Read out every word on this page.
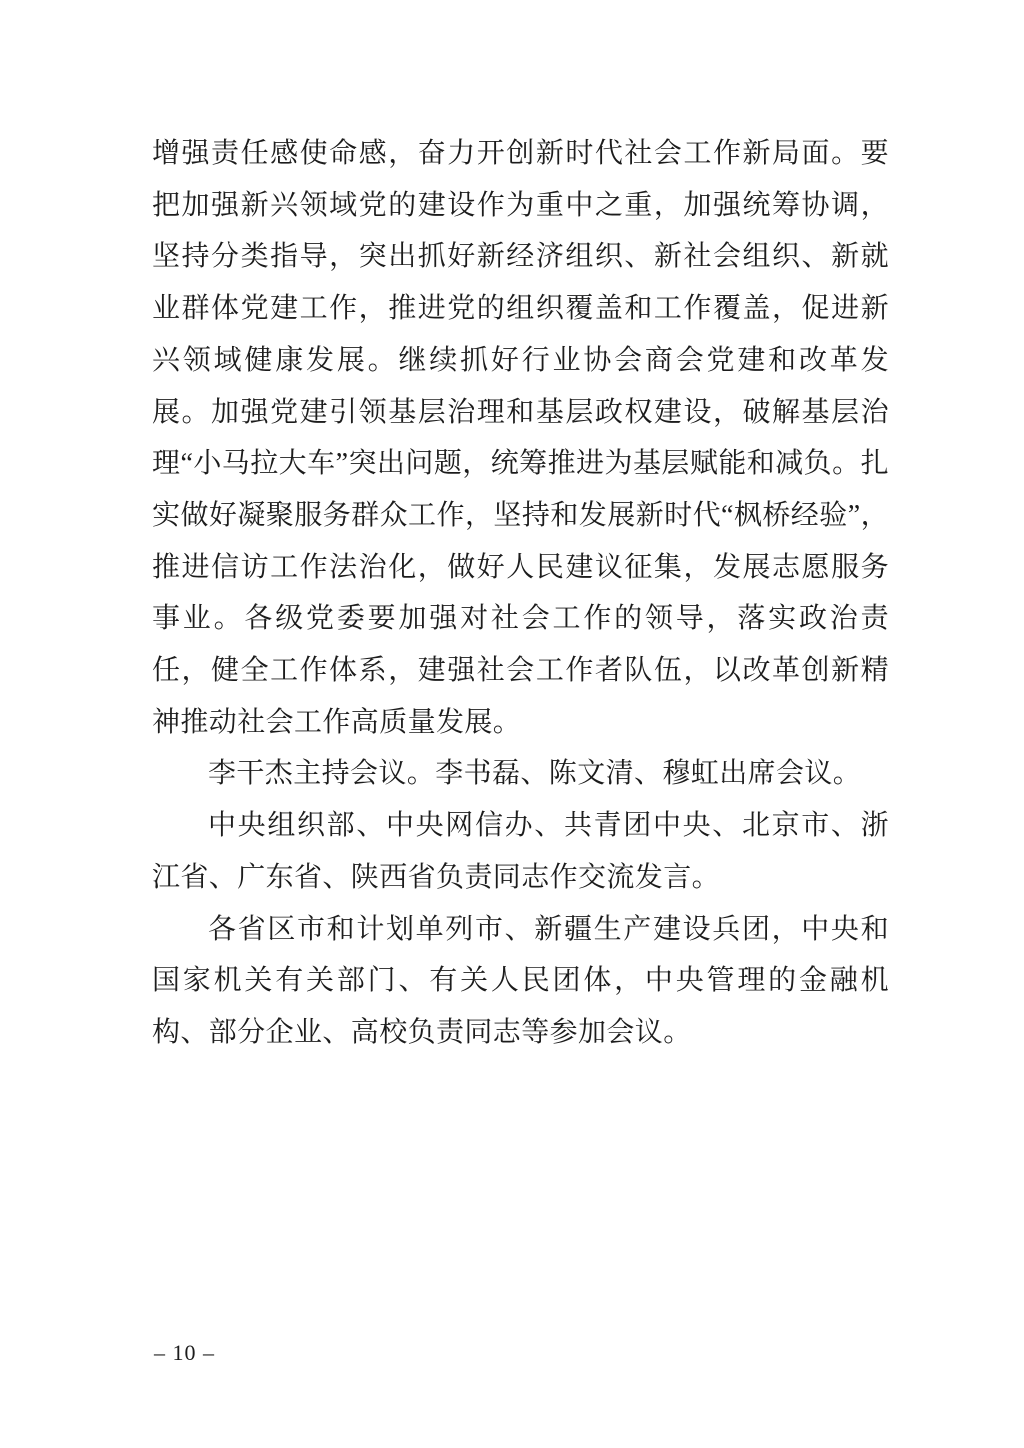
增强责任感使命感，奋力开创新时代社会工作新局面。要把加强新兴领域党的建设作为重中之重，加强统筹协调，坚持分类指导，突出抓好新经济组织、新社会组织、新就业群体党建工作，推进党的组织覆盖和工作覆盖，促进新兴领域健康发展。继续抓好行业协会商会党建和改革发展。加强党建引领基层治理和基层政权建设，破解基层治理“小马拉大车”突出问题，统筹推进为基层赋能和减负。扎实做好凝聚服务群众工作，坚持和发展新时代“枫桥经验”，推进信访工作法治化，做好人民建议征集，发展志愿服务事业。各级党委要加强对社会工作的领导，落实政治责任，健全工作体系，建强社会工作者队伍，以改革创新精神推动社会工作高质量发展。

李干杰主持会议。李书磊、陈文清、穆虹出席会议。

中央组织部、中央网信办、共青团中央、北京市、浙江省、广东省、陕西省负责同志作交流发言。

各省区市和计划单列市、新疆生产建设兵团，中央和国家机关有关部门、有关人民团体，中央管理的金融机构、部分企业、高校负责同志等参加会议。

– 10 –
